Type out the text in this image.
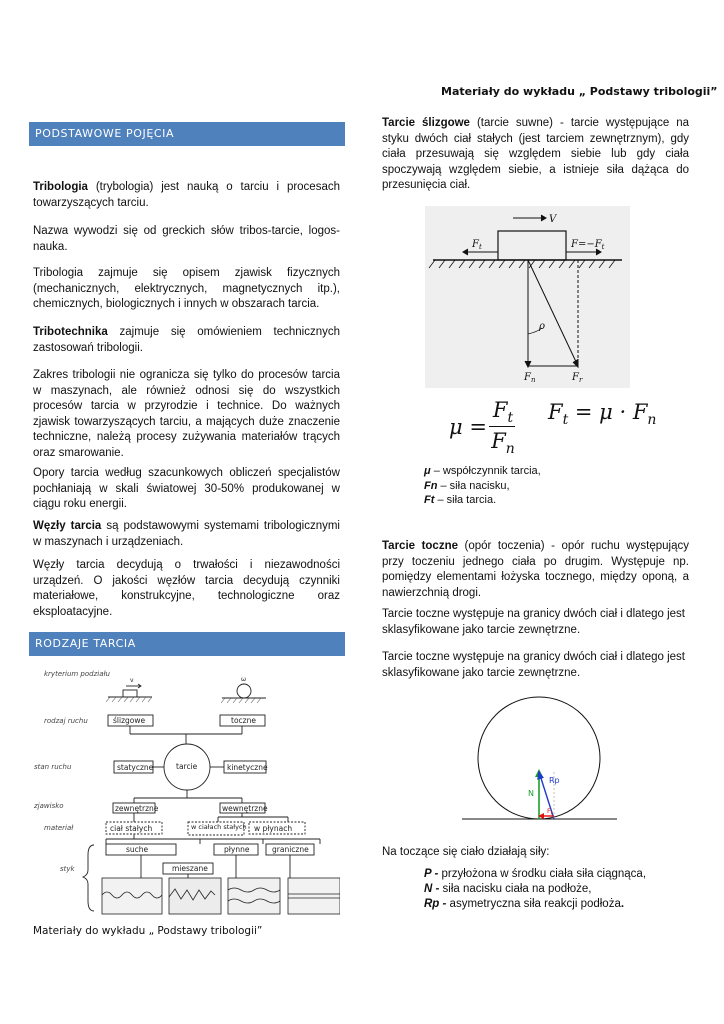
Materiały do wykładu „ Podstawy tribologii”
PODSTAWOWE POJĘCIA

Tribologia (trybologia) jest nauką o tarciu i procesach towarzyszących tarciu.

Nazwa wywodzi się od greckich słów tribos-tarcie, logos-nauka.

Tribologia zajmuje się opisem zjawisk fizycznych (mechanicznych, elektrycznych, magnetycznych itp.), chemicznych, biologicznych i innych w obszarach tarcia.

Tribotechnika zajmuje się omówieniem technicznych zastosowań tribologii.

Zakres tribologii nie ogranicza się tylko do procesów tarcia w maszynach, ale również odnosi się do wszystkich procesów tarcia w przyrodzie i technice. Do ważnych zjawisk towarzyszących tarciu, a mających duże znaczenie techniczne, należą procesy zużywania materiałów trących oraz smarowanie.

Opory tarcia według szacunkowych obliczeń specjalistów pochłaniają w skali światowej 30-50% produkowanej w ciągu roku energii.

Węzły tarcia są podstawowymi systemami tribologicznymi w maszynach i urządzeniach.

Węzły tarcia decydują o trwałości i niezawodności urządzeń. O jakości węzłów tarcia decydują czynniki materiałowe, konstrukcyjne, technologiczne oraz eksploatacyjne.

RODZAJE TARCIA
kryterium podziału
rodzaj ruchu
stan ruchu
zjawisko
materiał
styk
v	ω
ślizgowe	toczne
tarcie
statyczne	kinetyczne
zewnętrzne	wewnętrzne
ciał stałych	w ciałach stałych w płynach
suche	płynne	graniczne
mieszane
Materiały do wykładu „ Podstawy tribologii”

Tarcie ślizgowe (tarcie suwne) - tarcie występujące na styku dwóch ciał stałych (jest tarciem zewnętrznym), gdy ciała przesuwają się względem siebie lub gdy ciała spoczywają względem siebie, a istnieje siła dążąca do przesunięcia ciał.

V
$F_t$	$F=-F_t$
ρ
$F_n$	$F_r$
μ =
$F_t$
$F_n$
$F_t = \mu \cdot F_n$
μ – współczynnik tarcia,
Fn – siła nacisku,
Ft – siła tarcia.

Tarcie toczne (opór toczenia) - opór ruchu występujący przy toczeniu jednego ciała po drugim. Występuje np. pomiędzy elementami łożyska tocznego, między oponą, a nawierzchnią drogi.

Tarcie toczne występuje na granicy dwóch ciał i dlatego jest sklasyfikowane jako tarcie zewnętrzne.

Tarcie toczne występuje na granicy dwóch ciał i dlatego jest sklasyfikowane jako tarcie zewnętrzne.

N
Rp
$F_t$
Na toczące się ciało działają siły:
P - przyłożona w środku ciała siła ciągnąca,
N - siła nacisku ciała na podłoże,
Rp - asymetryczna siła reakcji podłoża.
